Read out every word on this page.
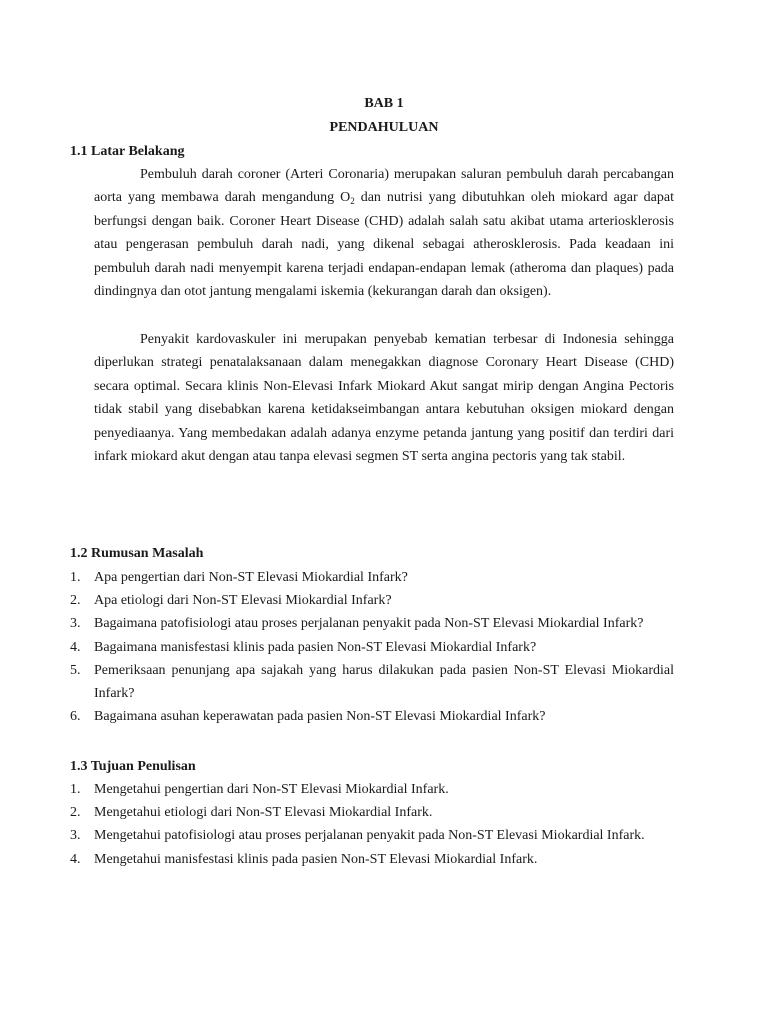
BAB 1
PENDAHULUAN
1.1 Latar Belakang

Pembuluh darah coroner (Arteri Coronaria) merupakan saluran pembuluh darah percabangan aorta yang membawa darah mengandung $O_2$ dan nutrisi yang dibutuhkan oleh miokard agar dapat berfungsi dengan baik. Coroner Heart Disease (CHD) adalah salah satu akibat utama arteriosklerosis atau pengerasan pembuluh darah nadi, yang dikenal sebagai atherosklerosis. Pada keadaan ini pembuluh darah nadi menyempit karena terjadi endapan-endapan lemak (atheroma dan plaques) pada dindingnya dan otot jantung mengalami iskemia (kekurangan darah dan oksigen).

Penyakit kardovaskuler ini merupakan penyebab kematian terbesar di Indonesia sehingga diperlukan strategi penatalaksanaan dalam menegakkan diagnose Coronary Heart Disease (CHD) secara optimal. Secara klinis Non-Elevasi Infark Miokard Akut sangat mirip dengan Angina Pectoris tidak stabil yang disebabkan karena ketidakseimbangan antara kebutuhan oksigen miokard dengan penyediaanya. Yang membedakan adalah adanya enzyme petanda jantung yang positif dan terdiri dari infark miokard akut dengan atau tanpa elevasi segmen ST serta angina pectoris yang tak stabil.

1.2 Rumusan Masalah
1. Apa pengertian dari Non-ST Elevasi Miokardial Infark?
2. Apa etiologi dari Non-ST Elevasi Miokardial Infark?
3. Bagaimana patofisiologi atau proses perjalanan penyakit pada Non-ST Elevasi Miokardial Infark?
4. Bagaimana manisfestasi klinis pada pasien Non-ST Elevasi Miokardial Infark?
5. Pemeriksaan penunjang apa sajakah yang harus dilakukan pada pasien Non-ST Elevasi Miokardial Infark?
6. Bagaimana asuhan keperawatan pada pasien Non-ST Elevasi Miokardial Infark?
1.3 Tujuan Penulisan
1. Mengetahui pengertian dari Non-ST Elevasi Miokardial Infark.
2. Mengetahui etiologi dari Non-ST Elevasi Miokardial Infark.
3. Mengetahui patofisiologi atau proses perjalanan penyakit pada Non-ST Elevasi Miokardial Infark.
4. Mengetahui manisfestasi klinis pada pasien Non-ST Elevasi Miokardial Infark.
